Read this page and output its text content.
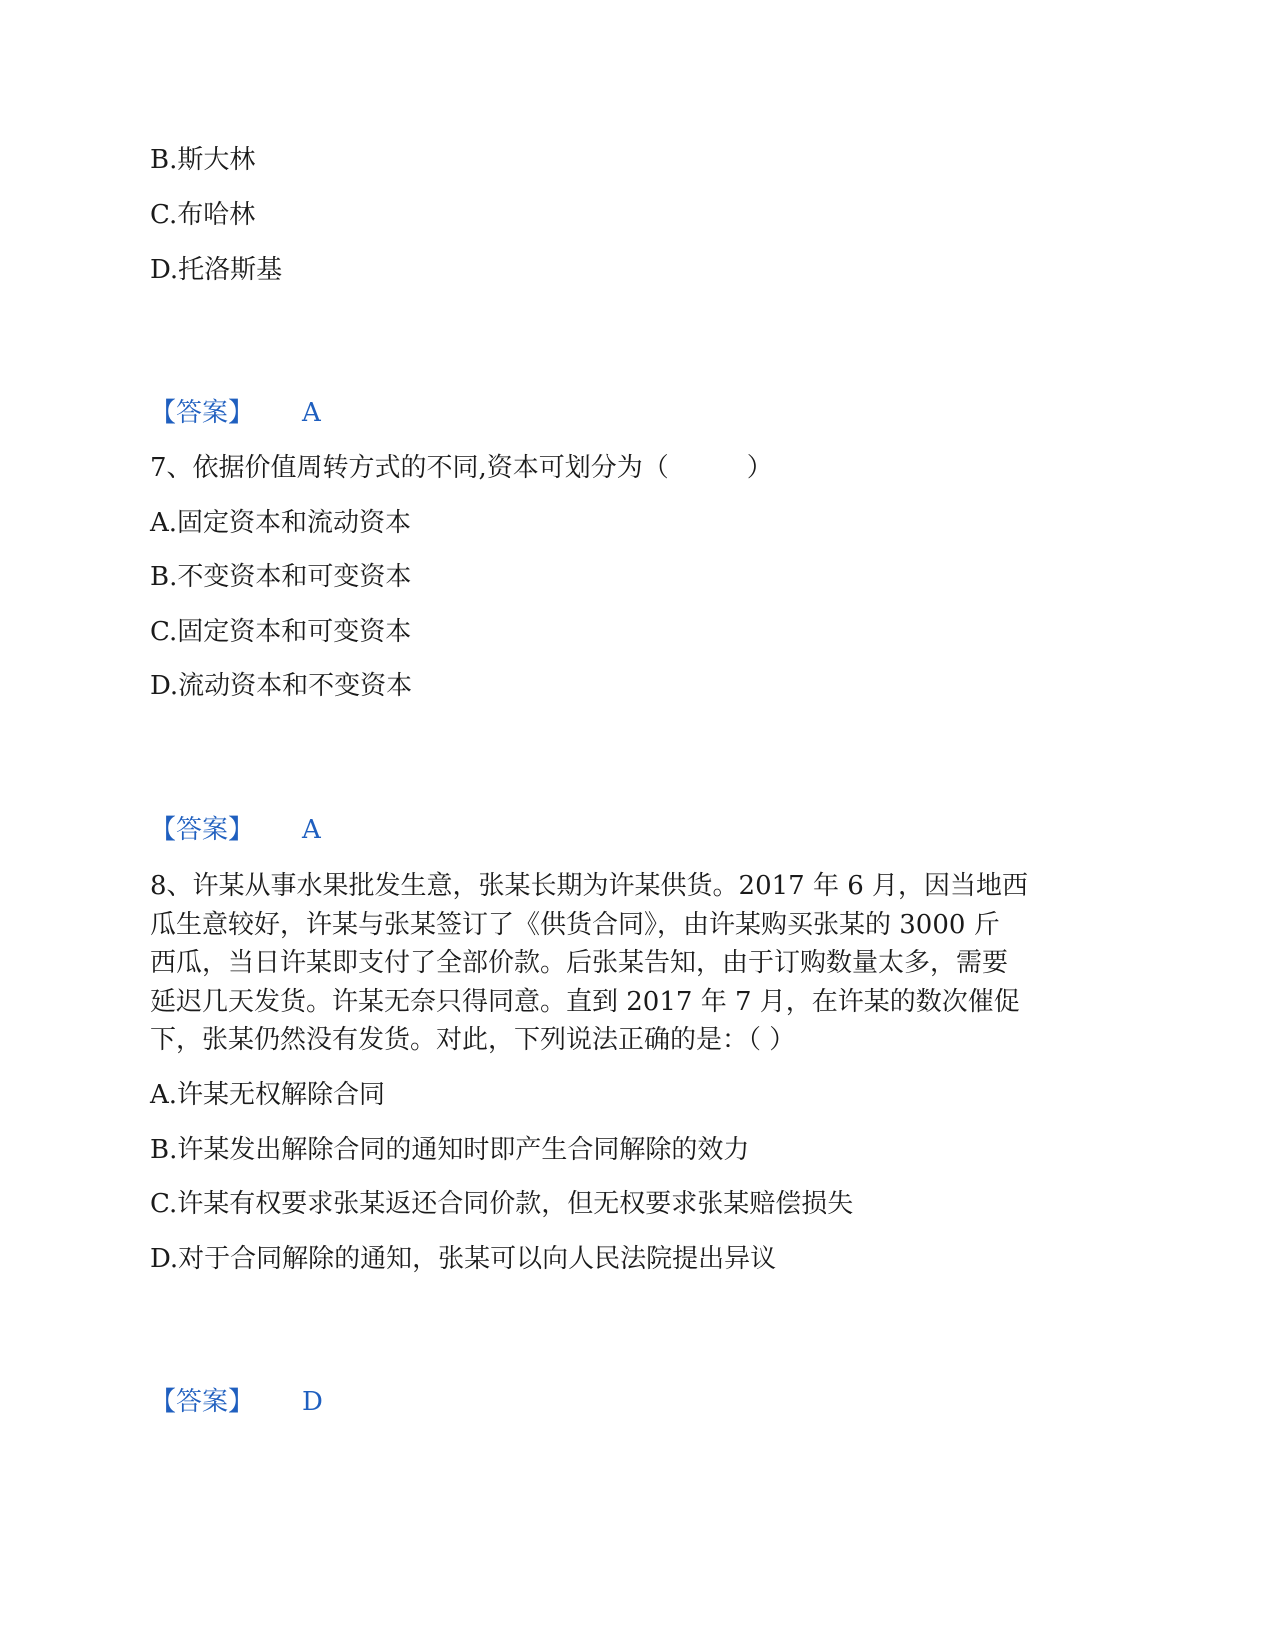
B.斯大林

C.布哈林

D.托洛斯基

【答案】 A

7、依据价值周转方式的不同,资本可划分为（　　　）

A.固定资本和流动资本

B.不变资本和可变资本

C.固定资本和可变资本

D.流动资本和不变资本

【答案】 A

8、许某从事水果批发生意，张某长期为许某供货。2017 年 6 月，因当地西
瓜生意较好，许某与张某签订了《供货合同》，由许某购买张某的 3000 斤
西瓜，当日许某即支付了全部价款。后张某告知，由于订购数量太多，需要
延迟几天发货。许某无奈只得同意。直到 2017 年 7 月，在许某的数次催促
下，张某仍然没有发货。对此，下列说法正确的是：（ ）

A.许某无权解除合同

B.许某发出解除合同的通知时即产生合同解除的效力

C.许某有权要求张某返还合同价款，但无权要求张某赔偿损失

D.对于合同解除的通知，张某可以向人民法院提出异议

【答案】 D
